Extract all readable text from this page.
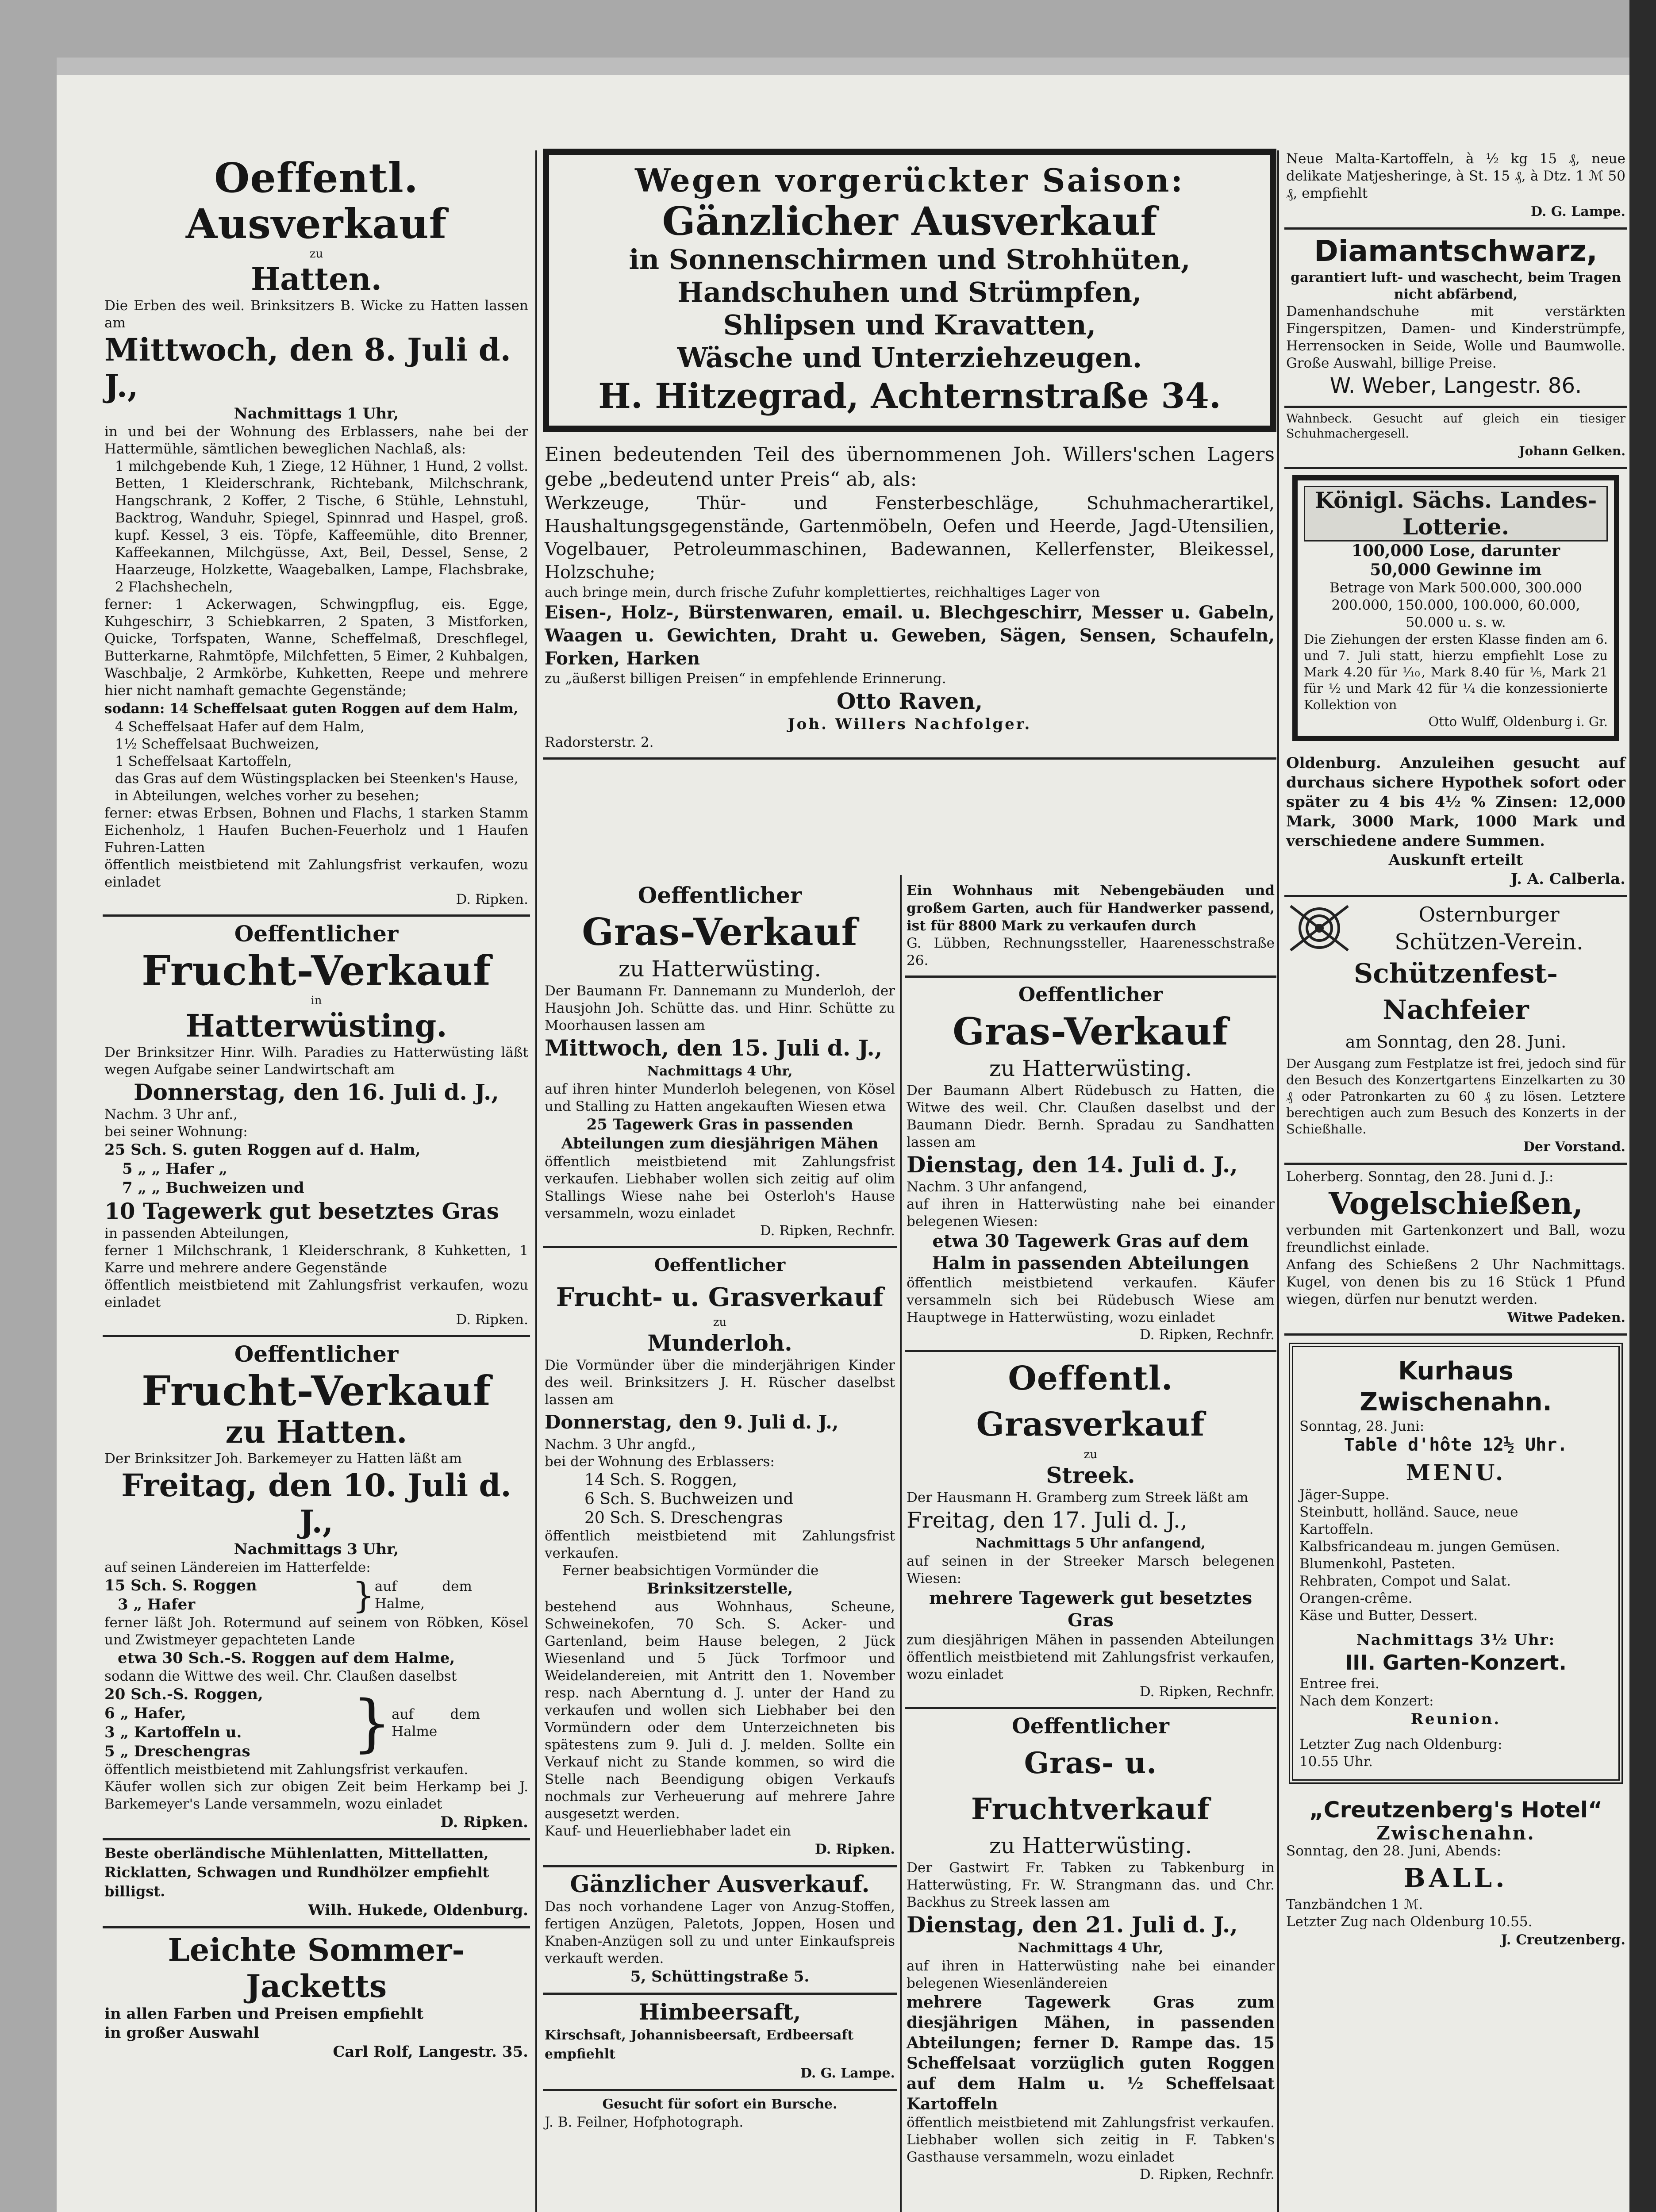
Oeffentl. Ausverkauf
zu
Hatten.
Die Erben des weil. Brinksitzers B. Wicke zu Hatten lassen am
Mittwoch, den 8. Juli d. J.,
Nachmittags 1 Uhr,
in und bei der Wohnung des Erblassers, nahe bei der Hattermühle, sämtlichen beweglichen Nachlaß, als:
1 milchgebende Kuh, 1 Ziege, 12 Hühner, 1 Hund, 2 vollst. Betten, 1 Kleiderschrank, Richtebank, Milchschrank, Hangschrank, 2 Koffer, 2 Tische, 6 Stühle, Lehnstuhl, Backtrog, Wanduhr, Spiegel, Spinnrad und Haspel, groß. kupf. Kessel, 3 eis. Töpfe, Kaffeemühle, dito Brenner, Kaffeekannen, Milchgüsse, Axt, Beil, Dessel, Sense, 2 Haarzeuge, Holzkette, Waagebalken, Lampe, Flachsbrake, 2 Flachshecheln,
ferner: 1 Ackerwagen, Schwingpflug, eis. Egge, Kuhgeschirr, 3 Schiebkarren, 2 Spaten, 3 Mistforken, Quicke, Torfspaten, Wanne, Scheffelmaß, Dreschflegel, Butterkarne, Rahmtöpfe, Milchfetten, 5 Eimer, 2 Kuhbalgen, Waschbalje, 2 Armkörbe, Kuhketten, Reepe und mehrere hier nicht namhaft gemachte Gegenstände;
sodann: 14 Scheffelsaat guten Roggen auf dem Halm,
4 Scheffelsaat Hafer auf dem Halm,
1½ Scheffelsaat Buchweizen,
1 Scheffelsaat Kartoffeln,
das Gras auf dem Wüstingsplacken bei Steenken's Hause, in Abteilungen, welches vorher zu besehen;
ferner: etwas Erbsen, Bohnen und Flachs, 1 starken Stamm Eichenholz, 1 Haufen Buchen-Feuerholz und 1 Haufen Fuhren-Latten
öffentlich meistbietend mit Zahlungsfrist verkaufen, wozu einladet
D. Ripken.
Oeffentlicher
Frucht-Verkauf
in
Hatterwüsting.
Der Brinksitzer Hinr. Wilh. Paradies zu Hatterwüsting läßt wegen Aufgabe seiner Landwirtschaft am
Donnerstag, den 16. Juli d. J.,
Nachm. 3 Uhr anf.,
bei seiner Wohnung:
25 Sch. S. guten Roggen auf d. Halm,
5 „ „ Hafer „
7 „ „ Buchweizen und
10 Tagewerk gut besetztes Gras
in passenden Abteilungen,
ferner 1 Milchschrank, 1 Kleiderschrank, 8 Kuhketten, 1 Karre und mehrere andere Gegenstände
öffentlich meistbietend mit Zahlungsfrist verkaufen, wozu einladet
D. Ripken.
Oeffentlicher
Frucht-Verkauf
zu Hatten.
Der Brinksitzer Joh. Barkemeyer zu Hatten läßt am
Freitag, den 10. Juli d. J.,
Nachmittags 3 Uhr,
auf seinen Ländereien im Hatterfelde:
15 Sch. S. Roggen
3 „ Hafer	} auf dem Halme,
ferner läßt Joh. Rotermund auf seinem von Röbken, Kösel und Zwistmeyer gepachteten Lande
etwa 30 Sch.-S. Roggen auf dem Halme,
sodann die Wittwe des weil. Chr. Claußen daselbst
20 Sch.-S. Roggen,
6 „ Hafer,
3 „ Kartoffeln u.
5 „ Dreschengras	} auf dem Halme
öffentlich meistbietend mit Zahlungsfrist verkaufen.
Käufer wollen sich zur obigen Zeit beim Herkamp bei J. Barkemeyer's Lande versammeln, wozu einladet
D. Ripken.
Beste oberländische Mühlenlatten, Mittellatten, Ricklatten, Schwagen und Rundhölzer empfiehlt billigst.
Wilh. Hukede, Oldenburg.
Leichte Sommer-Jacketts
in allen Farben und Preisen empfiehlt
in großer Auswahl
Carl Rolf, Langestr. 35.
Wegen vorgerückter Saison:
Gänzlicher Ausverkauf
in Sonnenschirmen und Strohhüten,
Handschuhen und Strümpfen,
Shlipsen und Kravatten,
Wäsche und Unterziehzeugen.
H. Hitzegrad, Achternstraße 34.
Einen bedeutenden Teil des übernommenen Joh. Willers'schen Lagers gebe „bedeutend unter Preis“ ab, als:
Werkzeuge, Thür- und Fensterbeschläge, Schuhmacherartikel, Haushaltungsgegenstände, Gartenmöbeln, Oefen und Heerde, Jagd-Utensilien, Vogelbauer, Petroleummaschinen, Badewannen, Kellerfenster, Bleikessel, Holzschuhe;
auch bringe mein, durch frische Zufuhr komplettiertes, reichhaltiges Lager von
Eisen-, Holz-, Bürstenwaren, email. u. Blechgeschirr, Messer u. Gabeln, Waagen u. Gewichten, Draht u. Geweben, Sägen, Sensen, Schaufeln, Forken, Harken
zu „äußerst billigen Preisen“ in empfehlende Erinnerung.
Otto Raven,
Joh. Willers Nachfolger.
Radorsterstr. 2.
Oeffentlicher
Gras-Verkauf
zu Hatterwüsting.
Der Baumann Fr. Dannemann zu Munderloh, der Hausjohn Joh. Schütte das. und Hinr. Schütte zu Moorhausen lassen am
Mittwoch, den 15. Juli d. J.,
Nachmittags 4 Uhr,
auf ihren hinter Munderloh belegenen, von Kösel und Stalling zu Hatten angekauften Wiesen etwa
25 Tagewerk Gras in passenden Abteilungen zum diesjährigen Mähen
öffentlich meistbietend mit Zahlungsfrist verkaufen. Liebhaber wollen sich zeitig auf olim Stallings Wiese nahe bei Osterloh's Hause versammeln, wozu einladet
D. Ripken, Rechnfr.
Oeffentlicher
Frucht- u. Grasverkauf
zu
Munderloh.
Die Vormünder über die minderjährigen Kinder des weil. Brinksitzers J. H. Rüscher daselbst lassen am
Donnerstag, den 9. Juli d. J.,
Nachm. 3 Uhr angfd.,
bei der Wohnung des Erblassers:
14 Sch. S. Roggen,
6 Sch. S. Buchweizen und
20 Sch. S. Dreschengras
öffentlich meistbietend mit Zahlungsfrist verkaufen.
Ferner beabsichtigen Vormünder die
Brinksitzerstelle,
bestehend aus Wohnhaus, Scheune, Schweinekofen, 70 Sch. S. Acker- und Gartenland, beim Hause belegen, 2 Jück Wiesenland und 5 Jück Torfmoor und Weidelandereien, mit Antritt den 1. November resp. nach Aberntung d. J. unter der Hand zu verkaufen und wollen sich Liebhaber bei den Vormündern oder dem Unterzeichneten bis spätestens zum 9. Juli d. J. melden. Sollte ein Verkauf nicht zu Stande kommen, so wird die Stelle nach Beendigung obigen Verkaufs nochmals zur Verheuerung auf mehrere Jahre ausgesetzt werden.
Kauf- und Heuerliebhaber ladet ein
D. Ripken.
Gänzlicher Ausverkauf.
Das noch vorhandene Lager von Anzug-Stoffen, fertigen Anzügen, Paletots, Joppen, Hosen und Knaben-Anzügen soll zu und unter Einkaufspreis verkauft werden.
5, Schüttingstraße 5.
Himbeersaft,
Kirschsaft, Johannisbeersaft, Erdbeersaft empfiehlt
D. G. Lampe.
Gesucht für sofort ein Bursche.
J. B. Feilner, Hofphotograph.
Ein Wohnhaus mit Nebengebäuden und großem Garten, auch für Handwerker passend, ist für 8800 Mark zu verkaufen durch
G. Lübben, Rechnungssteller, Haarenesschstraße 26.
Oeffentlicher
Gras-Verkauf
zu Hatterwüsting.
Der Baumann Albert Rüdebusch zu Hatten, die Witwe des weil. Chr. Claußen daselbst und der Baumann Diedr. Bernh. Spradau zu Sandhatten lassen am
Dienstag, den 14. Juli d. J.,
Nachm. 3 Uhr anfangend,
auf ihren in Hatterwüsting nahe bei einander belegenen Wiesen:
etwa 30 Tagewerk Gras auf dem Halm in passenden Abteilungen
öffentlich meistbietend verkaufen. Käufer versammeln sich bei Rüdebusch Wiese am Hauptwege in Hatterwüsting, wozu einladet
D. Ripken, Rechnfr.
Oeffentl. Grasverkauf
zu
Streek.
Der Hausmann H. Gramberg zum Streek läßt am
Freitag, den 17. Juli d. J.,
Nachmittags 5 Uhr anfangend,
auf seinen in der Streeker Marsch belegenen Wiesen:
mehrere Tagewerk gut besetztes Gras
zum diesjährigen Mähen in passenden Abteilungen öffentlich meistbietend mit Zahlungsfrist verkaufen, wozu einladet
D. Ripken, Rechnfr.
Oeffentlicher
Gras- u. Fruchtverkauf
zu Hatterwüsting.
Der Gastwirt Fr. Tabken zu Tabkenburg in Hatterwüsting, Fr. W. Strangmann das. und Chr. Backhus zu Streek lassen am
Dienstag, den 21. Juli d. J.,
Nachmittags 4 Uhr,
auf ihren in Hatterwüsting nahe bei einander belegenen Wiesenländereien
mehrere Tagewerk Gras zum diesjährigen Mähen, in passenden Abteilungen; ferner D. Rampe das. 15 Scheffelsaat vorzüglich guten Roggen auf dem Halm u. ½ Scheffelsaat Kartoffeln
öffentlich meistbietend mit Zahlungsfrist verkaufen. Liebhaber wollen sich zeitig in F. Tabken's Gasthause versammeln, wozu einladet
D. Ripken, Rechnfr.
Neue Malta-Kartoffeln, à ½ kg 15 ₰, neue delikate Matjesheringe, à St. 15 ₰, à Dtz. 1 ℳ 50 ₰, empfiehlt
D. G. Lampe.
Diamantschwarz,
garantiert luft- und waschecht, beim Tragen nicht abfärbend,
Damenhandschuhe mit verstärkten Fingerspitzen, Damen- und Kinderstrümpfe, Herrensocken in Seide, Wolle und Baumwolle. Große Auswahl, billige Preise.
W. Weber, Langestr. 86.
Wahnbeck. Gesucht auf gleich ein tiesiger Schuhmachergesell.
Johann Gelken.
Königl. Sächs. Landes-Lotterie.
100,000 Lose, darunter
50,000 Gewinne im
Betrage von Mark 500.000, 300.000
200.000, 150.000, 100.000, 60.000,
50.000 u. s. w.
Die Ziehungen der ersten Klasse finden am 6. und 7. Juli statt, hierzu empfiehlt Lose zu Mark 4.20 für ⅒, Mark 8.40 für ⅕, Mark 21 für ½ und Mark 42 für ¼ die konzessionierte Kollektion von
Otto Wulff, Oldenburg i. Gr.
Oldenburg. Anzuleihen gesucht auf durchaus sichere Hypothek sofort oder später zu 4 bis 4½ % Zinsen: 12,000 Mark, 3000 Mark, 1000 Mark und verschiedene andere Summen.
Auskunft erteilt
J. A. Calberla.
Osternburger
Schützen-Verein.
Schützenfest-Nachfeier
am Sonntag, den 28. Juni.
Der Ausgang zum Festplatze ist frei, jedoch sind für den Besuch des Konzertgartens Einzelkarten zu 30 ₰ oder Patronkarten zu 60 ₰ zu lösen. Letztere berechtigen auch zum Besuch des Konzerts in der Schießhalle.
Der Vorstand.
Loherberg. Sonntag, den 28. Juni d. J.:
Vogelschießen,
verbunden mit Gartenkonzert und Ball, wozu freundlichst einlade.
Anfang des Schießens 2 Uhr Nachmittags. Kugel, von denen bis zu 16 Stück 1 Pfund wiegen, dürfen nur benutzt werden.
Witwe Padeken.
Kurhaus Zwischenahn.
Sonntag, 28. Juni:
Table d'hôte 12½ Uhr.
MENU.
Jäger-Suppe.
Steinbutt, holländ. Sauce, neue
Kartoffeln.
Kalbsfricandeau m. jungen Gemüsen.
Blumenkohl, Pasteten.
Rehbraten, Compot und Salat.
Orangen-crême.
Käse und Butter, Dessert.
Nachmittags 3½ Uhr:
III. Garten-Konzert.
Entree frei.
Nach dem Konzert:
Reunion.
Letzter Zug nach Oldenburg:
10.55 Uhr.
„Creutzenberg's Hotel“
Zwischenahn.
Sonntag, den 28. Juni, Abends:
BALL.
Tanzbändchen 1 ℳ.
Letzter Zug nach Oldenburg 10.55.
J. Creutzenberg.
